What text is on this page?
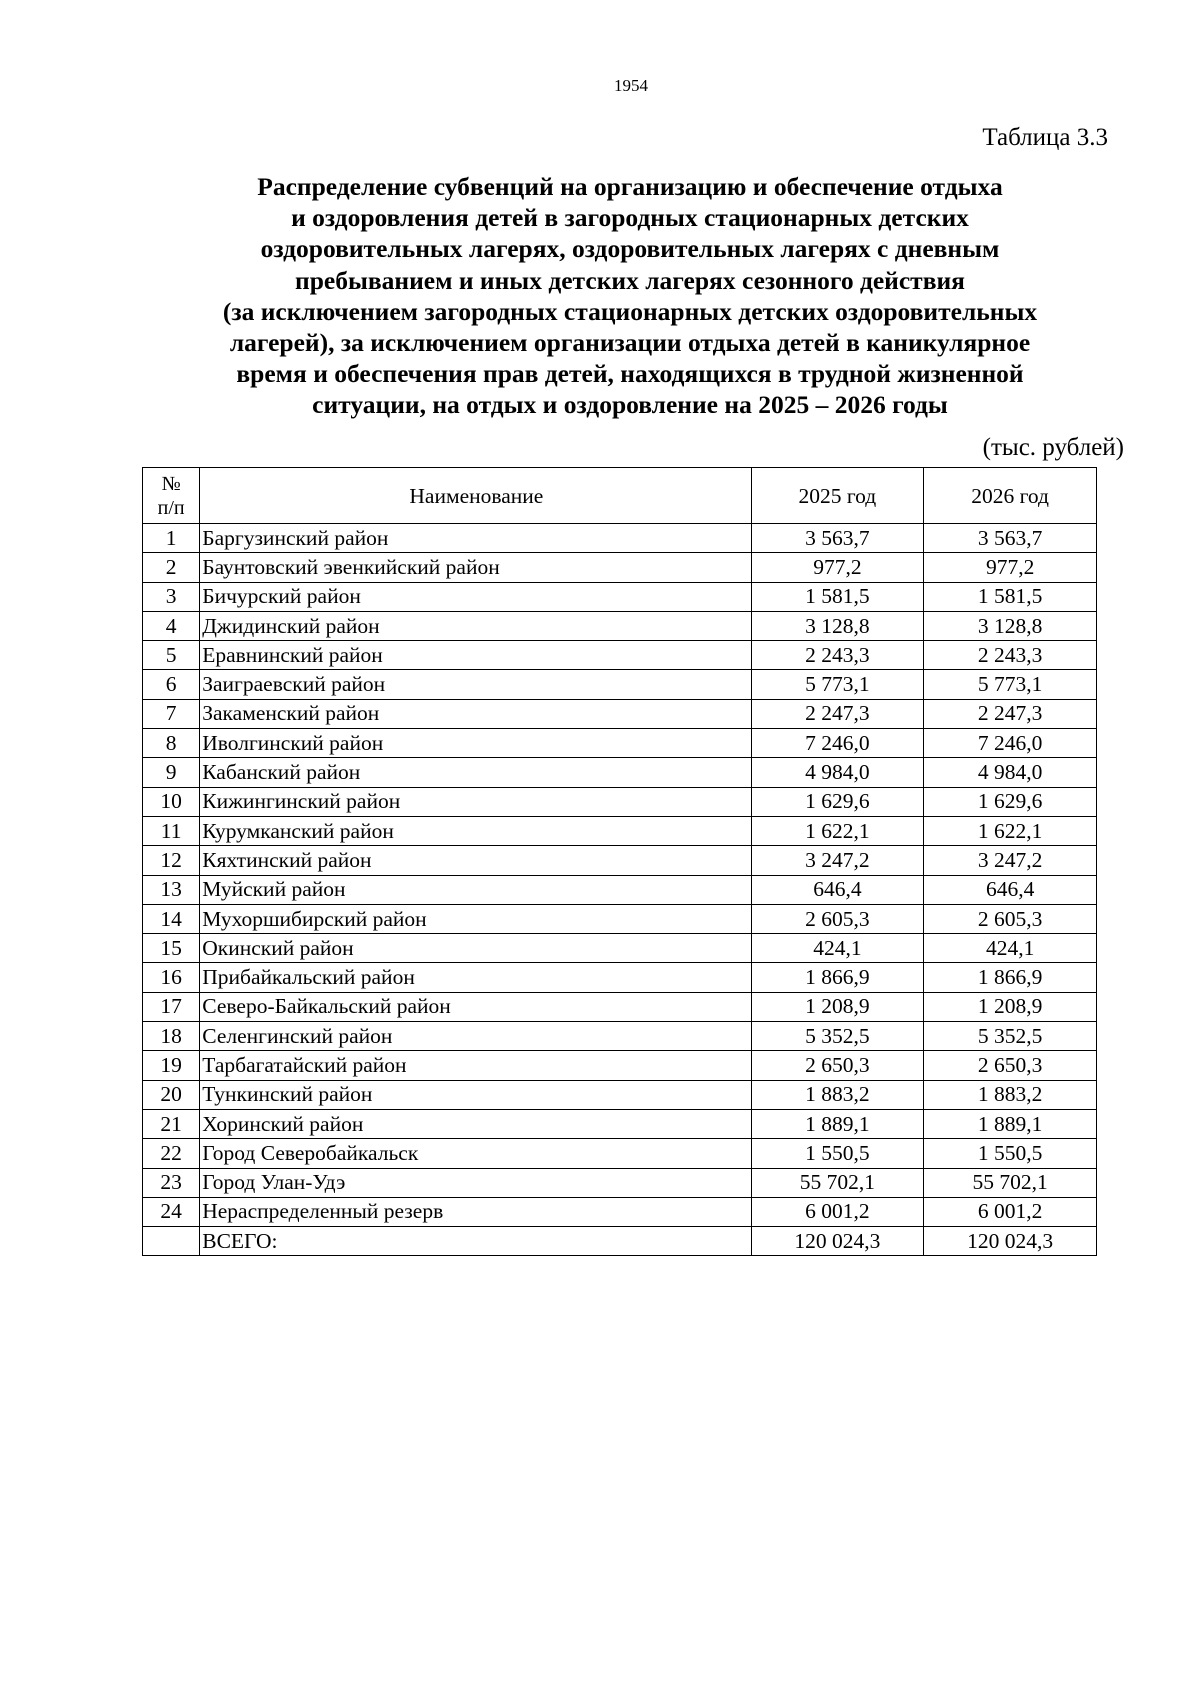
1954
Таблица 3.3
Распределение субвенций на организацию и обеспечение отдыха
и оздоровления детей в загородных стационарных детских
оздоровительных лагерях, оздоровительных лагерях с дневным
пребыванием и иных детских лагерях сезонного действия
(за исключением загородных стационарных детских оздоровительных
лагерей), за исключением организации отдыха детей в каникулярное
время и обеспечения прав детей, находящихся в трудной жизненной
ситуации, на отдых и оздоровление на 2025 – 2026 годы
(тыс. рублей)
№
п/п	Наименование	2025 год	2026 год
1	Баргузинский район	3 563,7	3 563,7
2	Баунтовский эвенкийский район	977,2	977,2
3	Бичурский район	1 581,5	1 581,5
4	Джидинский район	3 128,8	3 128,8
5	Еравнинский район	2 243,3	2 243,3
6	Заиграевский район	5 773,1	5 773,1
7	Закаменский район	2 247,3	2 247,3
8	Иволгинский район	7 246,0	7 246,0
9	Кабанский район	4 984,0	4 984,0
10	Кижингинский район	1 629,6	1 629,6
11	Курумканский район	1 622,1	1 622,1
12	Кяхтинский район	3 247,2	3 247,2
13	Муйский район	646,4	646,4
14	Мухоршибирский район	2 605,3	2 605,3
15	Окинский район	424,1	424,1
16	Прибайкальский район	1 866,9	1 866,9
17	Северо-Байкальский район	1 208,9	1 208,9
18	Селенгинский район	5 352,5	5 352,5
19	Тарбагатайский район	2 650,3	2 650,3
20	Тункинский район	1 883,2	1 883,2
21	Хоринский район	1 889,1	1 889,1
22	Город Северобайкальск	1 550,5	1 550,5
23	Город Улан-Удэ	55 702,1	55 702,1
24	Нераспределенный резерв	6 001,2	6 001,2
	ВСЕГО:	120 024,3	120 024,3
